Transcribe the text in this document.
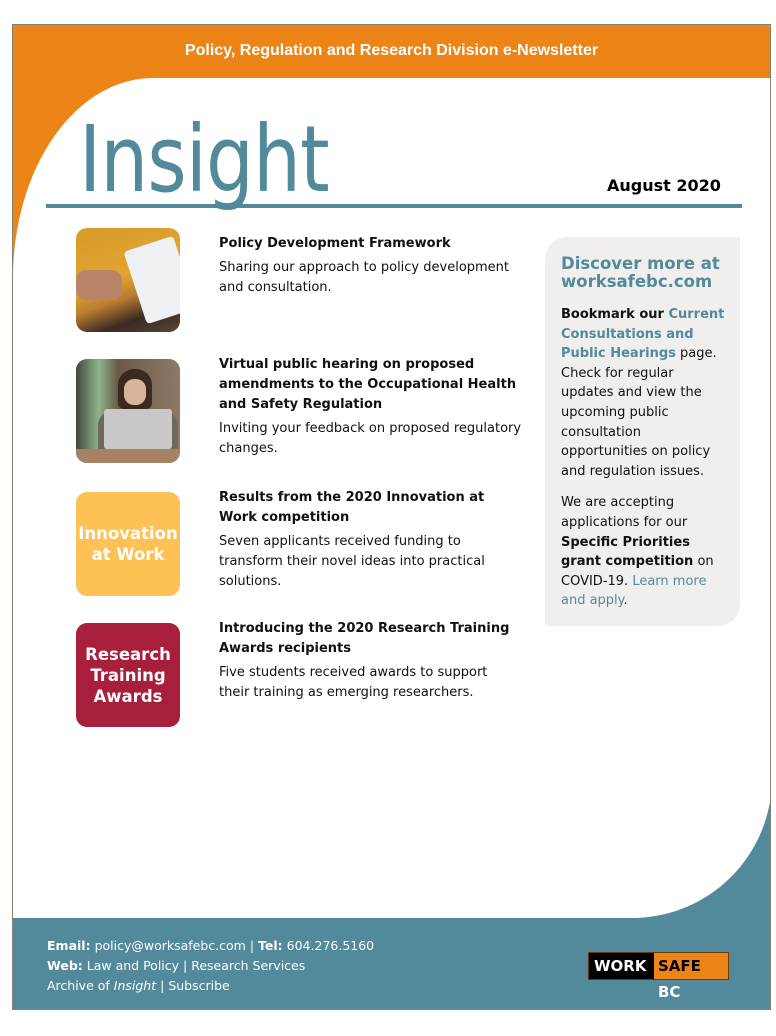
Policy, Regulation and Research Division e-Newsletter
Insight	August 2020
Policy Development Framework
Sharing our approach to policy development and consultation.
Virtual public hearing on proposed amendments to the Occupational Health and Safety Regulation
Inviting your feedback on proposed regulatory changes.
Innovation at Work
Results from the 2020 Innovation at Work competition
Seven applicants received funding to transform their novel ideas into practical solutions.
Research Training Awards
Introducing the 2020 Research Training Awards recipients
Five students received awards to support their training as emerging researchers.
Discover more at worksafebc.com

Bookmark our Current Consultations and Public Hearings page. Check for regular updates and view the upcoming public consultation opportunities on policy and regulation issues.

We are accepting applications for our Specific Priorities grant competition on COVID-19. Learn more and apply.

Email: policy@worksafebc.com | Tel: 604.276.5160
Web: Law and Policy | Research Services
Archive of Insight | Subscribe
WORK SAFE BC
